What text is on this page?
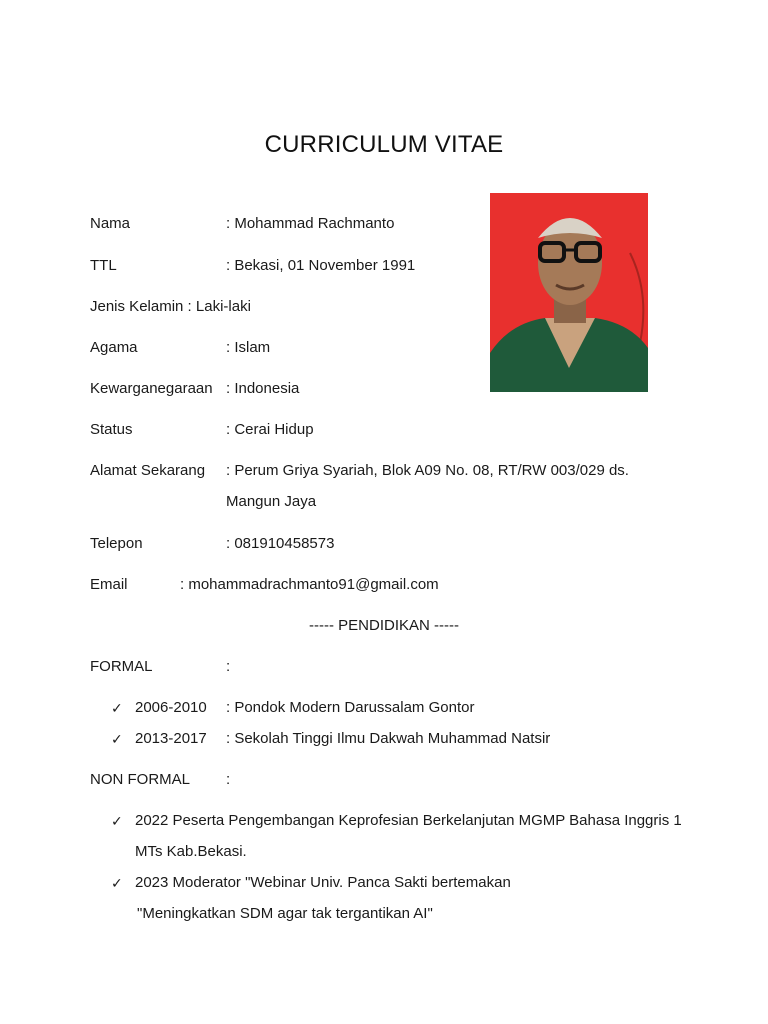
CURRICULUM VITAE
Nama	: Mohammad Rachmanto
TTL	: Bekasi, 01 November 1991
Jenis Kelamin : Laki-laki
Agama	: Islam
Kewarganegaraan : Indonesia
Status	: Cerai Hidup
Alamat Sekarang : Perum Griya Syariah, Blok A09 No. 08, RT/RW 003/029 ds.
Mangun Jaya
Telepon	: 081910458573
Email	: mohammadrachmanto91@gmail.com
----- PENDIDIKAN -----
FORMAL	:
✓ 2006-2010 : Pondok Modern Darussalam Gontor
✓ 2013-2017 : Sekolah Tinggi Ilmu Dakwah Muhammad Natsir
NON FORMAL :
✓ 2022 Peserta Pengembangan Keprofesian Berkelanjutan MGMP Bahasa Inggris 1
MTs Kab.Bekasi.
✓ 2023 Moderator "Webinar Univ. Panca Sakti bertemakan
"Meningkatkan SDM agar tak tergantikan AI"
